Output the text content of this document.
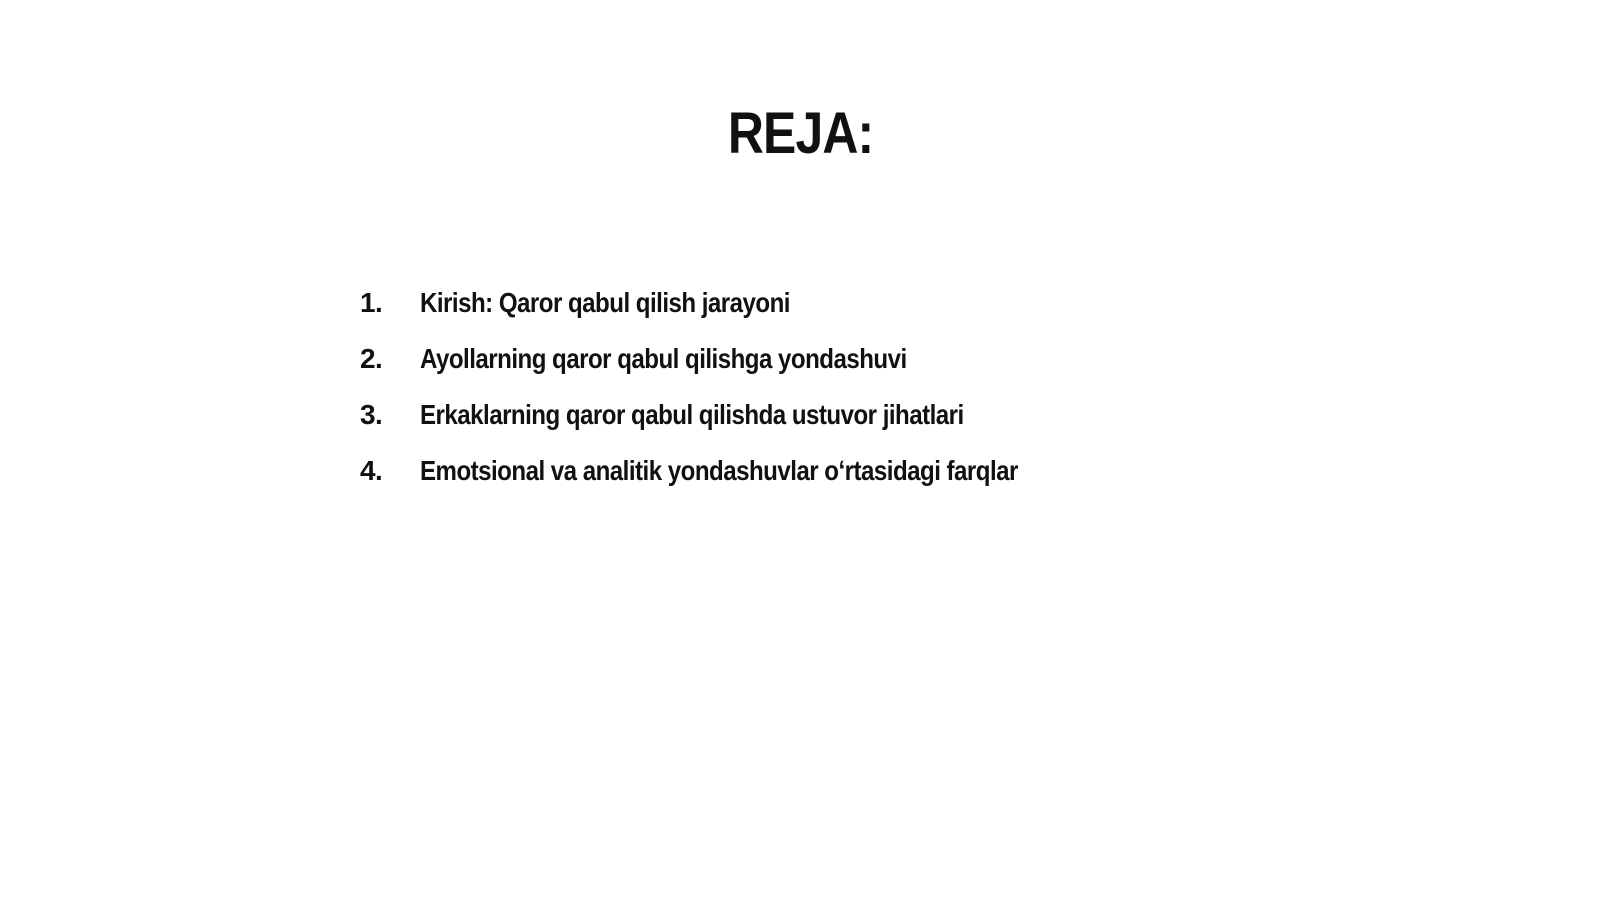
REJA:
1.	Kirish: Qaror qabul qilish jarayoni
2.	Ayollarning qaror qabul qilishga yondashuvi
3.	Erkaklarning qaror qabul qilishda ustuvor jihatlari
4.	Emotsional va analitik yondashuvlar oʻrtasidagi farqlar
